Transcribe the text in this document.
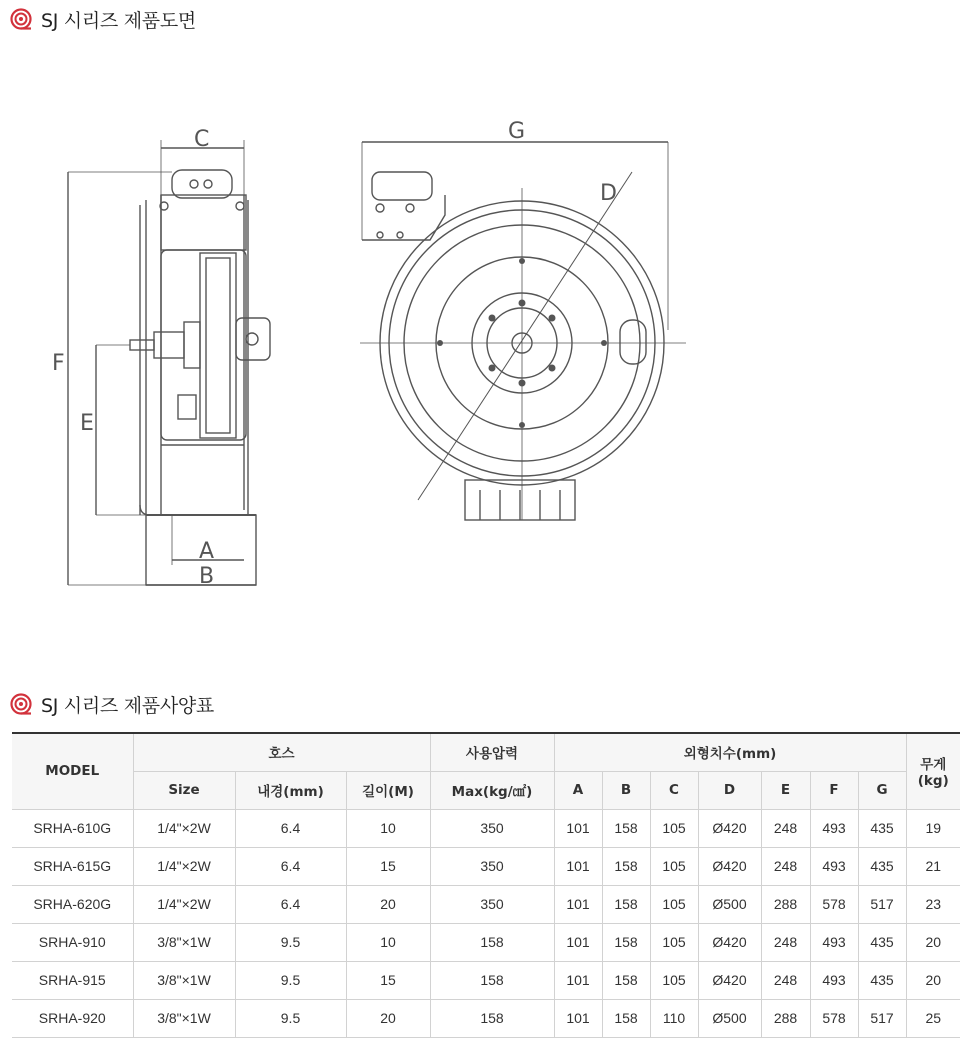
SJ 시리즈 제품도면
C
F
E
A
B
G
D
SJ 시리즈 제품사양표
MODEL	호스			사용압력	외형치수(mm)							무게(kg)
	Size	내경(mm)	길이(M)	Max(kg/㎠)	A	B	C	D	E	F	G	
SRHA-610G	1/4"×2W	6.4	10	350	101	158	105	Ø420	248	493	435	19
SRHA-615G	1/4"×2W	6.4	15	350	101	158	105	Ø420	248	493	435	21
SRHA-620G	1/4"×2W	6.4	20	350	101	158	105	Ø500	288	578	517	23
SRHA-910	3/8"×1W	9.5	10	158	101	158	105	Ø420	248	493	435	20
SRHA-915	3/8"×1W	9.5	15	158	101	158	105	Ø420	248	493	435	20
SRHA-920	3/8"×1W	9.5	20	158	101	158	110	Ø500	288	578	517	25
